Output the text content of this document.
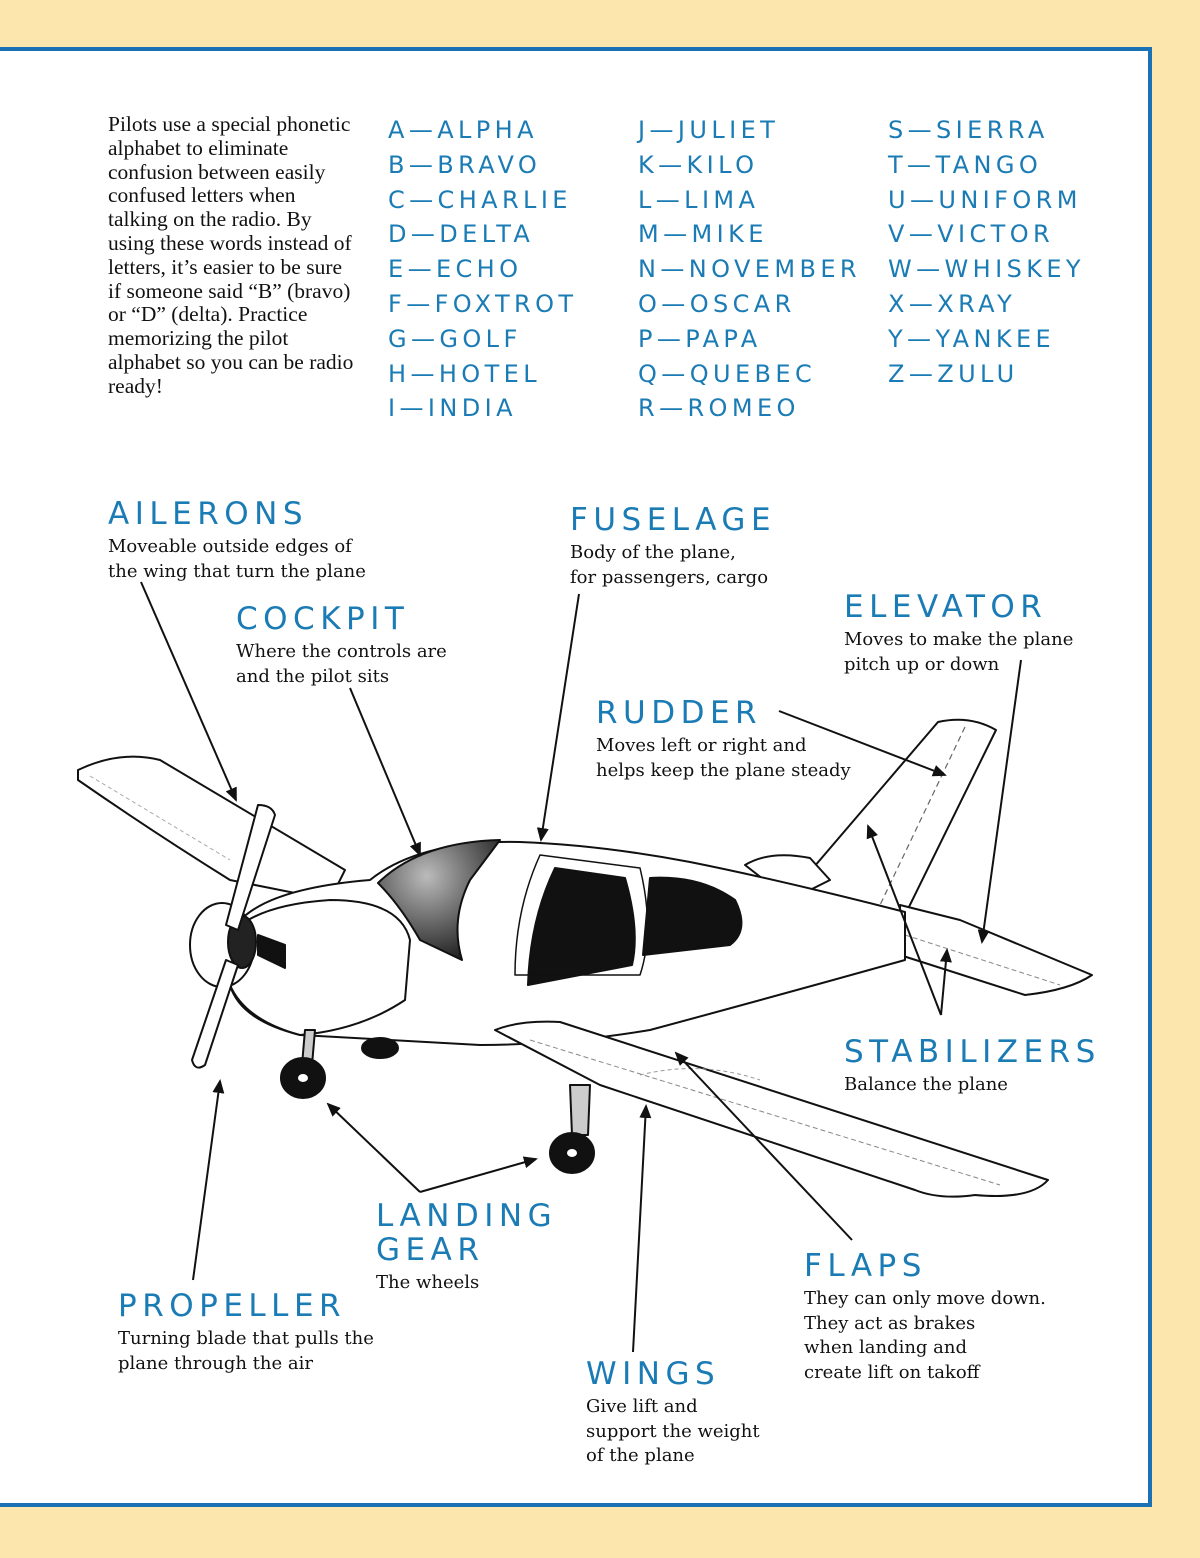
Pilots use a special phonetic alphabet to eliminate confusion between easily confused letters when talking on the radio. By using these words instead of letters, it’s easier to be sure if someone said “B” (bravo) or “D” (delta). Practice memorizing the pilot alphabet so you can be radio ready!

A—ALPHA
B—BRAVO
C—CHARLIE
D—DELTA
E—ECHO
F—FOXTROT
G—GOLF
H—HOTEL
I—INDIA
J—JULIET
K—KILO
L—LIMA
M—MIKE
N—NOVEMBER
O—OSCAR
P—PAPA
Q—QUEBEC
R—ROMEO
S—SIERRA
T—TANGO
U—UNIFORM
V—VICTOR
W—WHISKEY
X—XRAY
Y—YANKEE
Z—ZULU
AILERONS

Moveable outside edges of
the wing that turn the plane

FUSELAGE

Body of the plane,
for passengers, cargo

COCKPIT

Where the controls are
and the pilot sits

ELEVATOR

Moves to make the plane
pitch up or down

RUDDER

Moves left or right and
helps keep the plane steady

STABILIZERS

Balance the plane

LANDING
GEAR

The wheels	FLAPS

They can only move down.
They act as brakes
when landing and
create lift on takoff

PROPELLER

Turning blade that pulls the
plane through the air	WINGS

Give lift and
support the weight
of the plane
